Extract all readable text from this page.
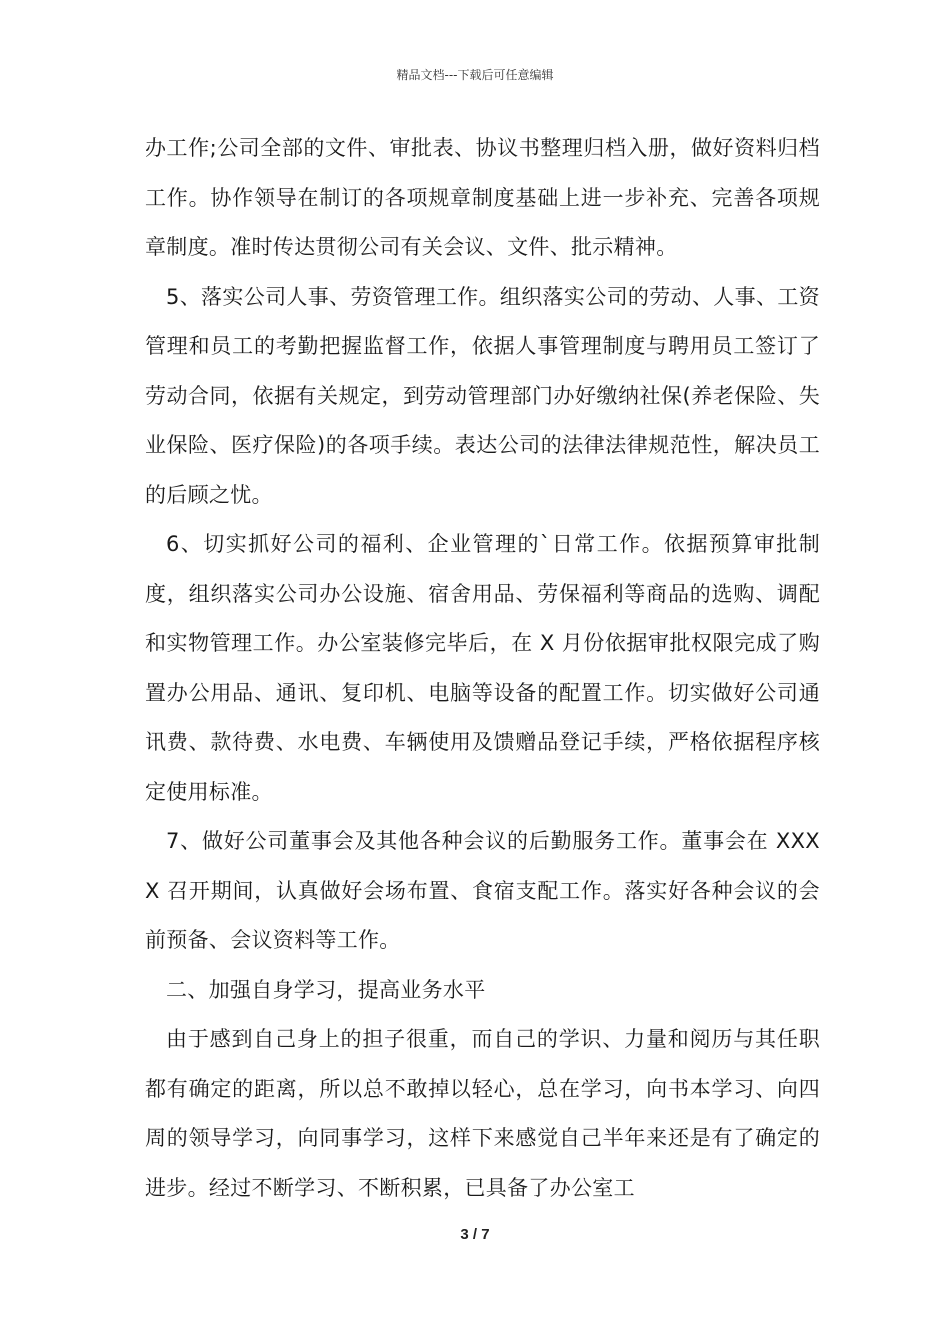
精品文档---下载后可任意编辑

办工作;公司全部的文件、审批表、协议书整理归档入册，做好资料归档工作。协作领导在制订的各项规章制度基础上进一步补充、完善各项规章制度。准时传达贯彻公司有关会议、文件、批示精神。

5、落实公司人事、劳资管理工作。组织落实公司的劳动、人事、工资管理和员工的考勤把握监督工作，依据人事管理制度与聘用员工签订了劳动合同，依据有关规定，到劳动管理部门办好缴纳社保(养老保险、失业保险、医疗保险)的各项手续。表达公司的法律法律规范性，解决员工的后顾之忧。

6、切实抓好公司的福利、企业管理的`日常工作。依据预算审批制度，组织落实公司办公设施、宿舍用品、劳保福利等商品的选购、调配和实物管理工作。办公室装修完毕后，在 X 月份依据审批权限完成了购置办公用品、通讯、复印机、电脑等设备的配置工作。切实做好公司通讯费、款待费、水电费、车辆使用及馈赠品登记手续，严格依据程序核定使用标准。

7、做好公司董事会及其他各种会议的后勤服务工作。董事会在 XXXX 召开期间，认真做好会场布置、食宿支配工作。落实好各种会议的会前预备、会议资料等工作。

二、加强自身学习，提高业务水平

由于感到自己身上的担子很重，而自己的学识、力量和阅历与其任职都有确定的距离，所以总不敢掉以轻心，总在学习，向书本学习、向四周的领导学习，向同事学习，这样下来感觉自己半年来还是有了确定的进步。经过不断学习、不断积累，已具备了办公室工

3 / 7
